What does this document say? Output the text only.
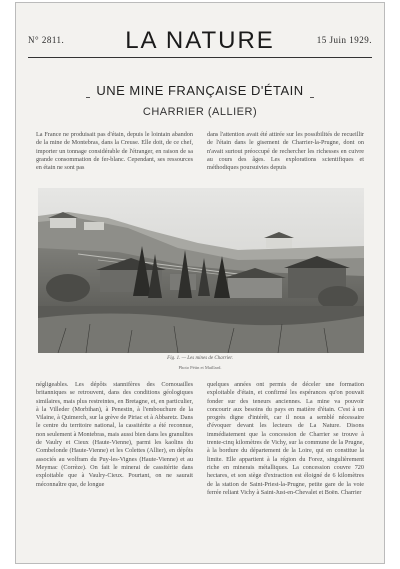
N° 2811.	LA NATURE	15 Juin 1929.
UNE MINE FRANÇAISE D'ÉTAIN
CHARRIER (ALLIER)
La France ne produisait pas d'étain, depuis le lointain abandon de la mine de Montebras, dans la Creuse. Elle doit, de ce chef, importer un tonnage considérable de l'étranger, en raison de sa grande consommation de fer-blanc. Cependant, ses ressources en étain ne sont pas
dans l'attention avait été attirée sur les possibilités de recueillir de l'étain dans le gisement de Charrier-la-Prugne, dont on n'avait surtout préoccupé de rechercher les richesses en cuivre au cours des âges. Les explorations scientifiques et méthodiques poursuivies depuis
Fig. 1. — Les mines de Charrier.
Photo Pétin et Maillard.
négligeables. Les dépôts stannifères des Cornouailles britanniques se retrouvent, dans des conditions géologiques similaires, mais plus restreintes, en Bretagne, et, en particulier, à la Villeder (Morbihan), à Penestin, à l'embouchure de la Vilaine, à Quimerch, sur la grève de Piriac et à Abbaretz. Dans le centre du territoire national, la cassitérite a été reconnue, non seulement à Montebras, mais aussi bien dans les granulites de Vaulry et Cieux (Haute-Vienne), parmi les kaolins du Combelonde (Haute-Vienne) et les Colettes (Allier), en dépôts associés au wolfram du Puy-les-Vignes (Haute-Vienne) et au Meymac (Corrèze). On fait le minerai de cassitérite dans exploitable que à Vaulry-Cieux. Pourtant, on ne saurait méconnaître que, de longue
quelques années ont permis de déceler une formation exploitable d'étain, et confirmé les espérances qu'on pouvait fonder sur des teneurs anciennes. La mine va pouvoir concourir aux besoins du pays en matière d'étain. C'est à un progrès digne d'intérêt, car il nous a semblé nécessaire d'évoquer devant les lecteurs de La Nature. Disons immédiatement que la concession de Charrier se trouve à trente-cinq kilomètres de Vichy, sur la commune de la Prugne, à la bordure du département de la Loire, qui en constitue la limite. Elle appartient à la région du Forez, singulièrement riche en minerais métalliques. La concession couvre 720 hectares, et son siège d'extraction est éloigné de 6 kilomètres de la station de Saint-Priest-la-Prugne, petite gare de la voie ferrée reliant Vichy à Saint-Just-en-Chevalet et Boën. Charrier
